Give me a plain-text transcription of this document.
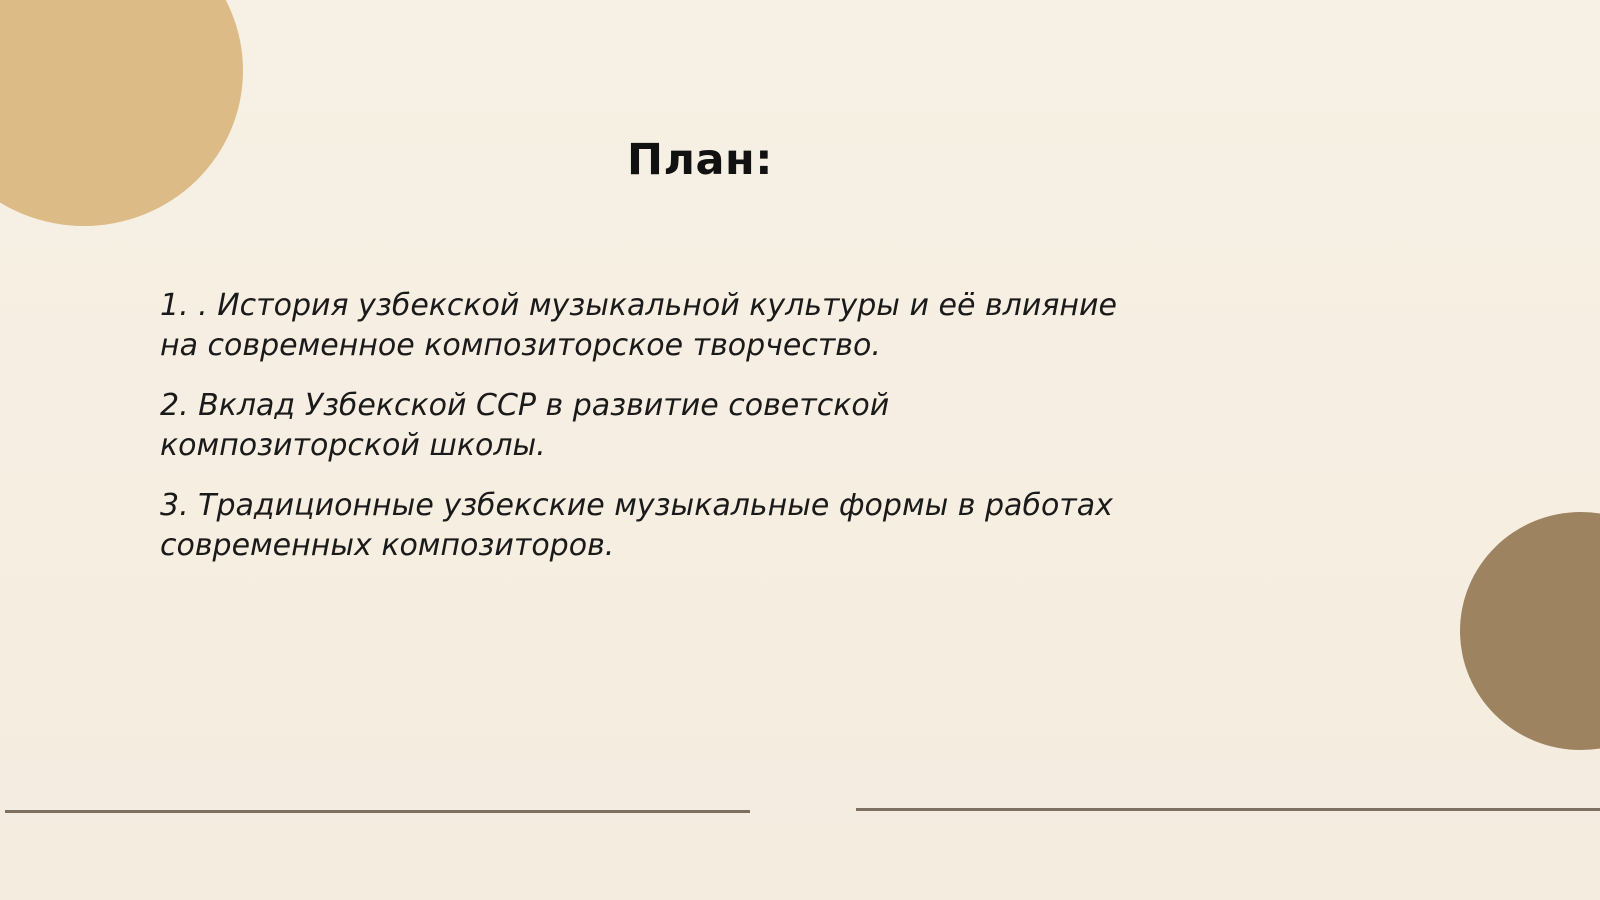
План:
1. . История узбекской музыкальной культуры и её влияние на современное композиторское творчество.
2. Вклад Узбекской ССР в развитие советской композиторской школы.
3. Традиционные узбекские музыкальные формы в работах современных композиторов.
